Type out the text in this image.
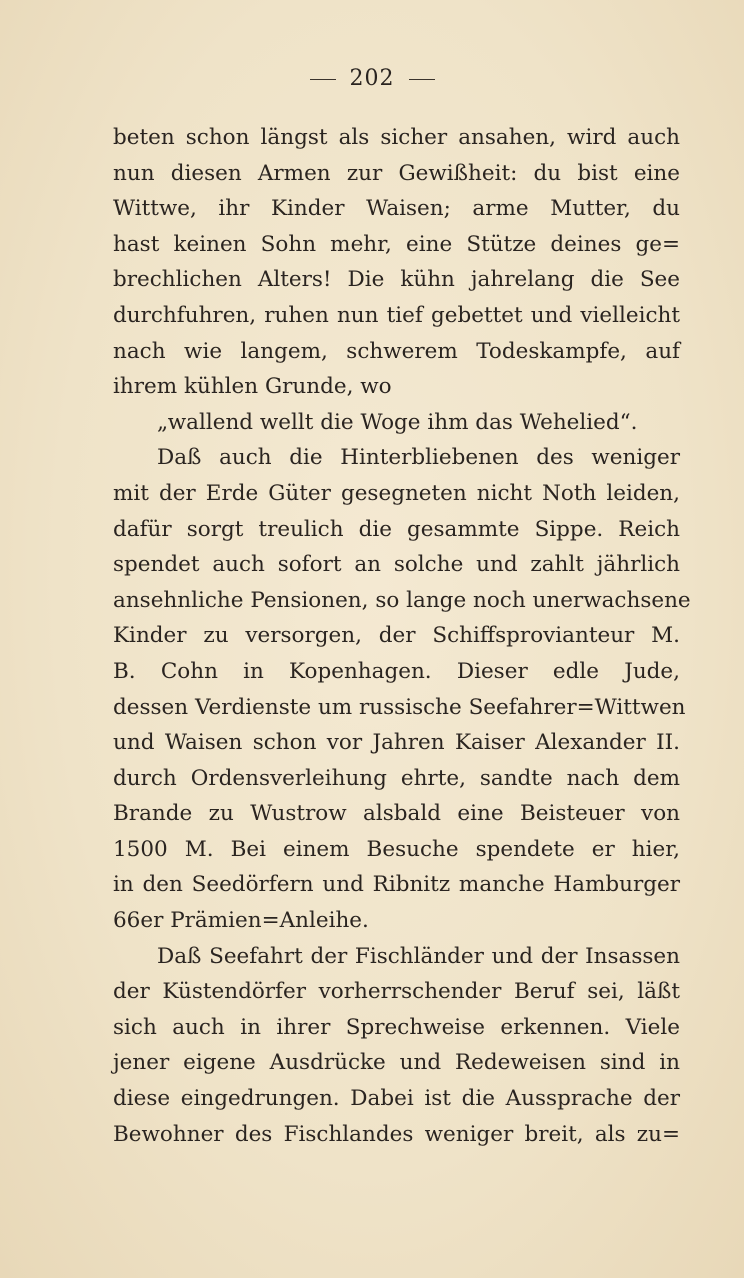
202
beten schon längst als sicher ansahen, wird auch
nun diesen Armen zur Gewißheit: du bist eine
Wittwe, ihr Kinder Waisen; arme Mutter, du
hast keinen Sohn mehr, eine Stütze deines ge=
brechlichen Alters! Die kühn jahrelang die See
durchfuhren, ruhen nun tief gebettet und vielleicht
nach wie langem, schwerem Todeskampfe, auf
ihrem kühlen Grunde, wo
„wallend wellt die Woge ihm das Wehelied“.
Daß auch die Hinterbliebenen des weniger
mit der Erde Güter gesegneten nicht Noth leiden,
dafür sorgt treulich die gesammte Sippe. Reich
spendet auch sofort an solche und zahlt jährlich
ansehnliche Pensionen, so lange noch unerwachsene
Kinder zu versorgen, der Schiffsprovianteur M.
B. Cohn in Kopenhagen. Dieser edle Jude,
dessen Verdienste um russische Seefahrer=Wittwen
und Waisen schon vor Jahren Kaiser Alexander II.
durch Ordensverleihung ehrte, sandte nach dem
Brande zu Wustrow alsbald eine Beisteuer von
1500 M. Bei einem Besuche spendete er hier,
in den Seedörfern und Ribnitz manche Hamburger
66er Prämien=Anleihe.
Daß Seefahrt der Fischländer und der Insassen
der Küstendörfer vorherrschender Beruf sei, läßt
sich auch in ihrer Sprechweise erkennen. Viele
jener eigene Ausdrücke und Redeweisen sind in
diese eingedrungen. Dabei ist die Aussprache der
Bewohner des Fischlandes weniger breit, als zu=
